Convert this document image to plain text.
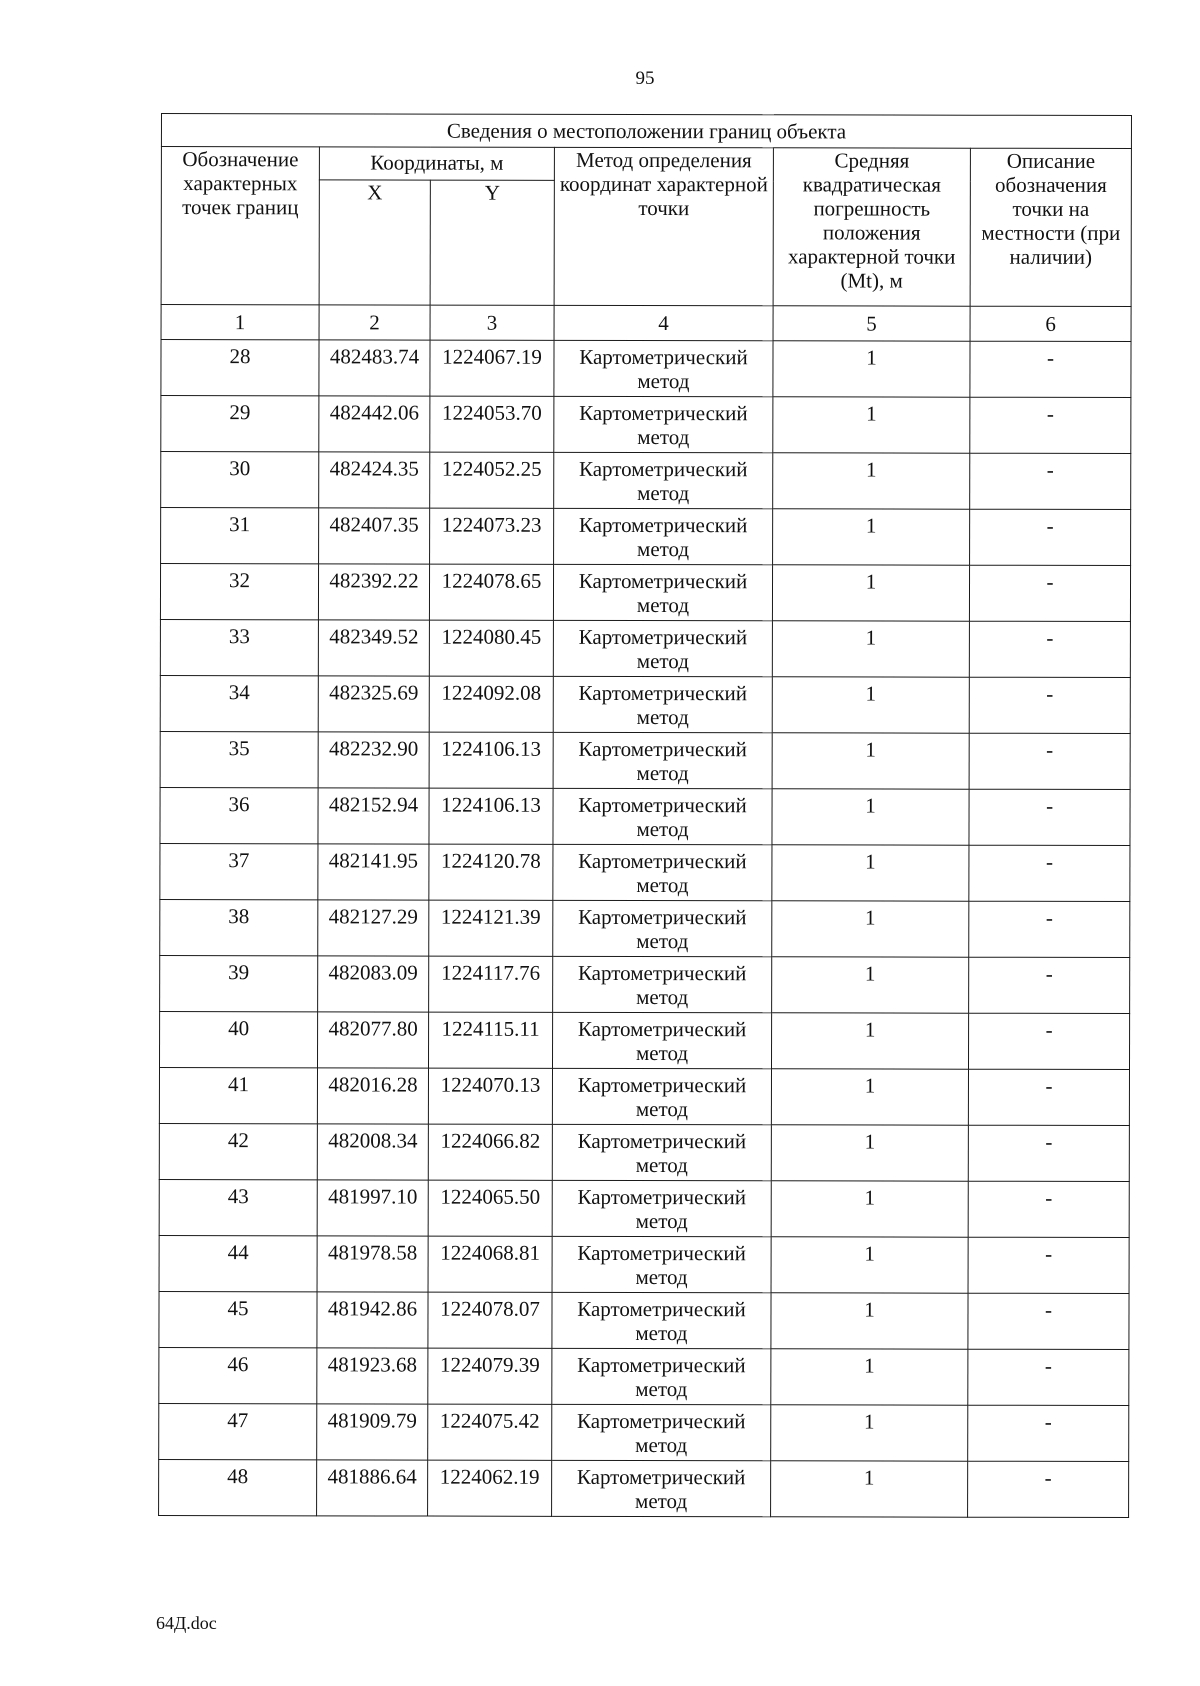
95
Сведения о местоположении границ объекта					
Обозначение характерных точек границ	Координаты, м		Метод определения координат характерной точки	Средняя квадратическая погрешность положения характерной точки (Mt), м	Описание обозначения точки на местности (при наличии)
	X	Y			
1	2	3	4	5	6

28	482483.74	1224067.19	Картометрический метод	1	-

29	482442.06	1224053.70	Картометрический метод	1	-

30	482424.35	1224052.25	Картометрический метод	1	-

31	482407.35	1224073.23	Картометрический метод	1	-

32	482392.22	1224078.65	Картометрический метод	1	-

33	482349.52	1224080.45	Картометрический метод	1	-

34	482325.69	1224092.08	Картометрический метод	1	-

35	482232.90	1224106.13	Картометрический метод	1	-

36	482152.94	1224106.13	Картометрический метод	1	-

37	482141.95	1224120.78	Картометрический метод	1	-

38	482127.29	1224121.39	Картометрический метод	1	-

39	482083.09	1224117.76	Картометрический метод	1	-

40	482077.80	1224115.11	Картометрический метод	1	-

41	482016.28	1224070.13	Картометрический метод	1	-

42	482008.34	1224066.82	Картометрический метод	1	-

43	481997.10	1224065.50	Картометрический метод	1	-

44	481978.58	1224068.81	Картометрический метод	1	-

45	481942.86	1224078.07	Картометрический метод	1	-

46	481923.68	1224079.39	Картометрический метод	1	-

47	481909.79	1224075.42	Картометрический метод	1	-

48	481886.64	1224062.19	Картометрический метод	1	-
64Д.doc
